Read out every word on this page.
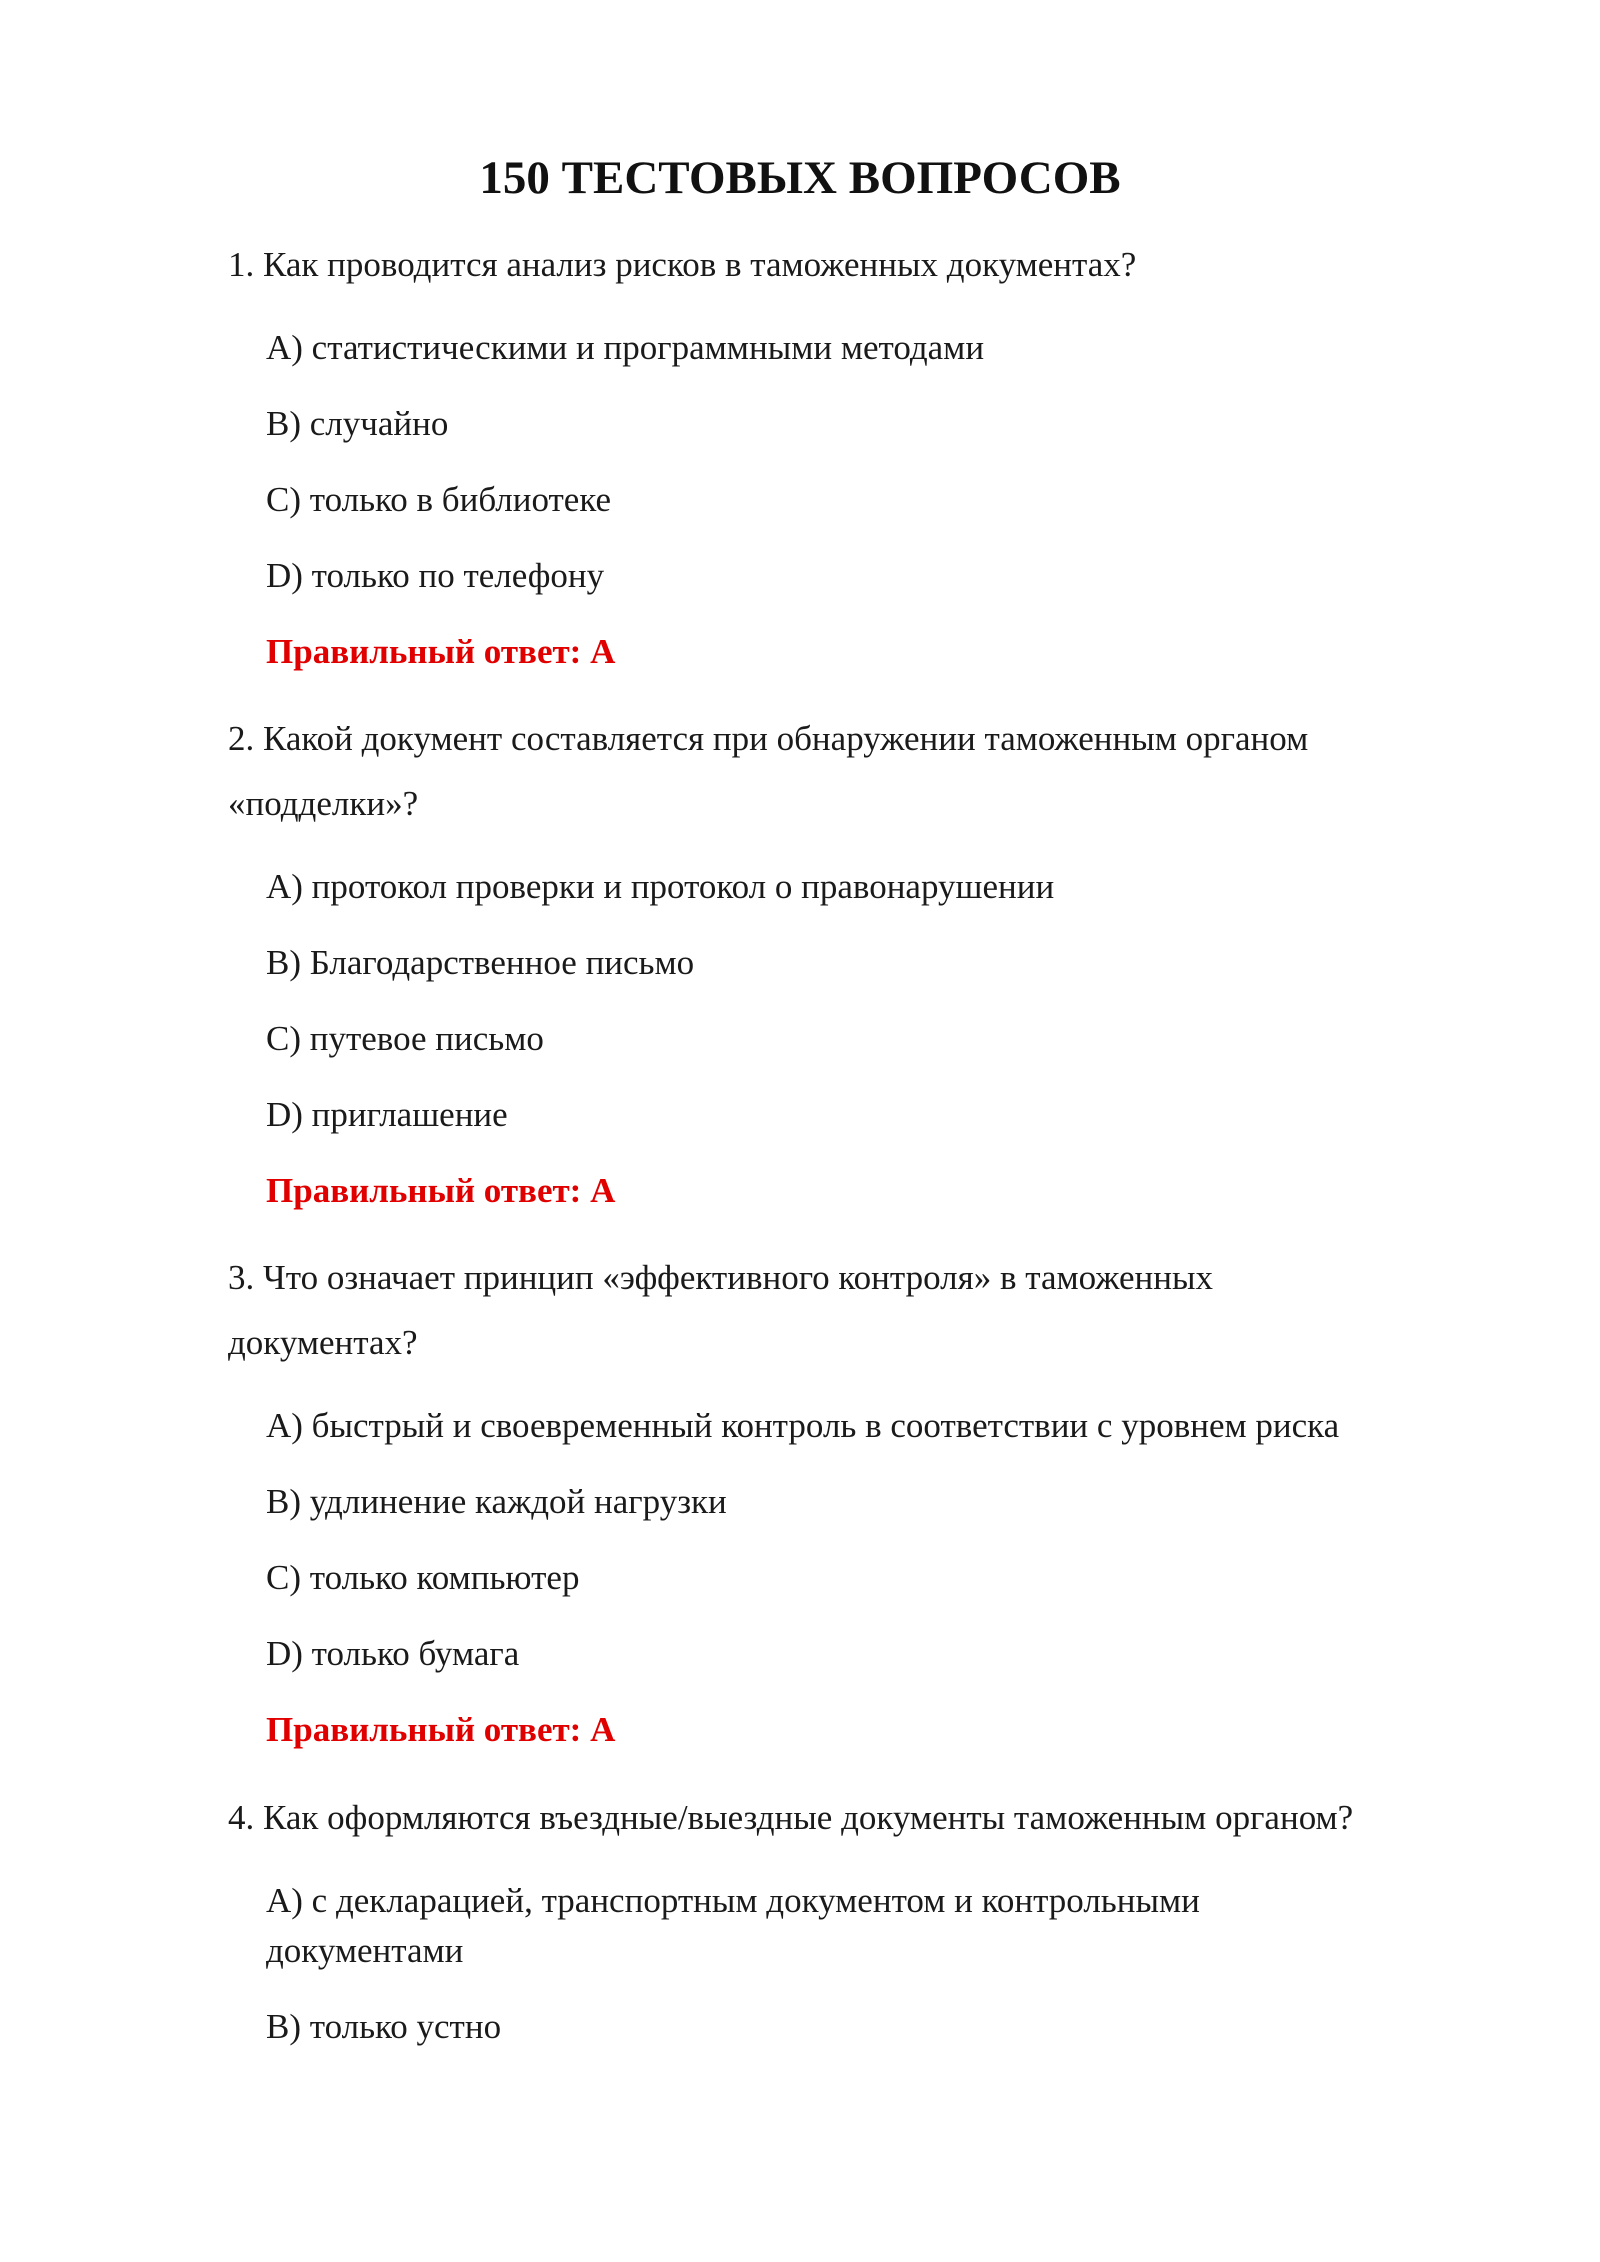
150 ТЕСТОВЫХ ВОПРОСОВ

1. Как проводится анализ рисков в таможенных документах?

A) статистическими и программными методами
B) случайно
C) только в библиотеке
D) только по телефону

Правильный ответ: A

2. Какой документ составляется при обнаружении таможенным органом «подделки»?

A) протокол проверки и протокол о правонарушении
B) Благодарственное письмо
C) путевое письмо
D) приглашение

Правильный ответ: A

3. Что означает принцип «эффективного контроля» в таможенных документах?

A) быстрый и своевременный контроль в соответствии с уровнем риска
B) удлинение каждой нагрузки
C) только компьютер
D) только бумага

Правильный ответ: A

4. Как оформляются въездные/выездные документы таможенным органом?

A) с декларацией, транспортным документом и контрольными документами
B) только устно
